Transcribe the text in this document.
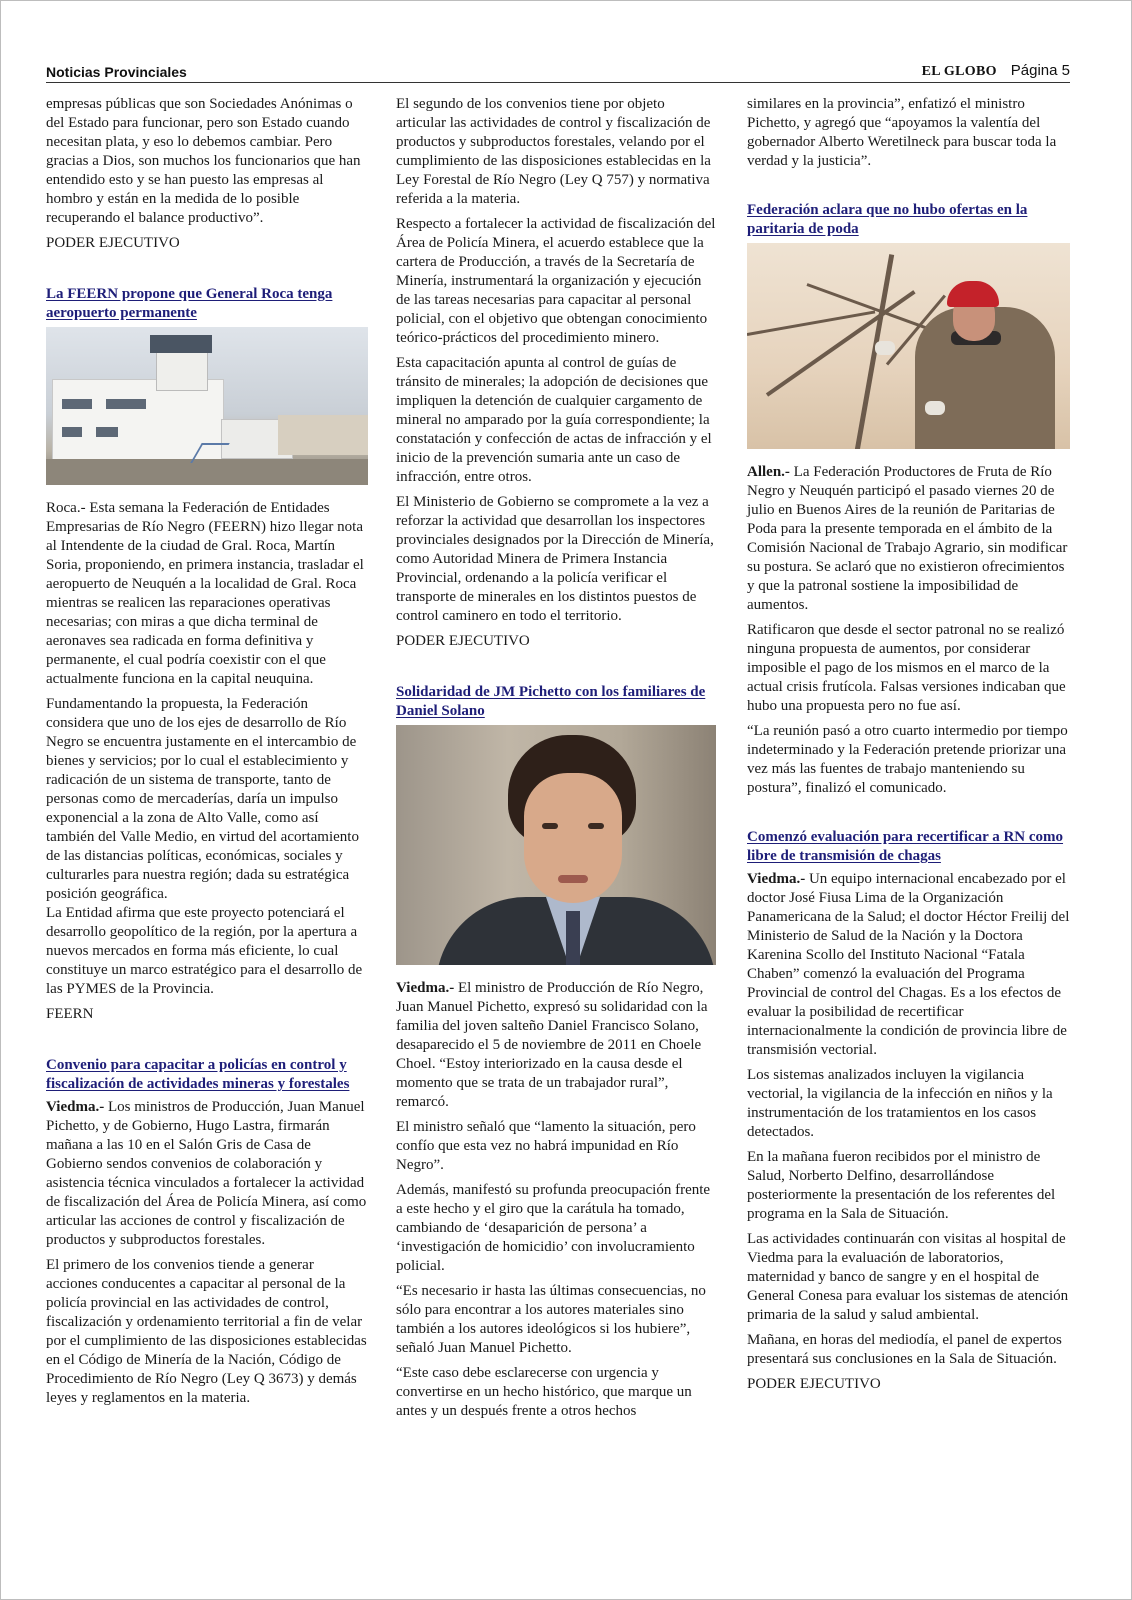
Noticias Provinciales	EL GLOBO Página 5

empresas públicas que son Sociedades Anónimas o del Estado para funcionar, pero son Estado cuando necesitan plata, y eso lo debemos cambiar. Pero gracias a Dios, son muchos los funcionarios que han entendido esto y se han puesto las empresas al hombro y están en la medida de lo posible recuperando el balance productivo”.

PODER EJECUTIVO
La FEERN propone que General Roca tenga aeropuerto permanente

Roca.- Esta semana la Federación de Entidades Empresarias de Río Negro (FEERN) hizo llegar nota al Intendente de la ciudad de Gral. Roca, Martín Soria, proponiendo, en primera instancia, trasladar el aeropuerto de Neuquén a la localidad de Gral. Roca mientras se realicen las reparaciones operativas necesarias; con miras a que dicha terminal de aeronaves sea radicada en forma definitiva y permanente, el cual podría coexistir con el que actualmente funciona en la capital neuquina.

Fundamentando la propuesta, la Federación considera que uno de los ejes de desarrollo de Río Negro se encuentra justamente en el intercambio de bienes y servicios; por lo cual el establecimiento y radicación de un sistema de transporte, tanto de personas como de mercaderías, daría un impulso exponencial a la zona de Alto Valle, como así también del Valle Medio, en virtud del acortamiento de las distancias políticas, económicas, sociales y culturarles para nuestra región; dada su estratégica posición geográfica.

La Entidad afirma que este proyecto potenciará el desarrollo geopolítico de la región, por la apertura a nuevos mercados en forma más eficiente, lo cual constituye un marco estratégico para el desarrollo de las PYMES de la Provincia.

FEERN
Convenio para capacitar a policías en control y fiscalización de actividades mineras y forestales

Viedma.- Los ministros de Producción, Juan Manuel Pichetto, y de Gobierno, Hugo Lastra, firmarán mañana a las 10 en el Salón Gris de Casa de Gobierno sendos convenios de colaboración y asistencia técnica vinculados a fortalecer la actividad de fiscalización del Área de Policía Minera, así como articular las acciones de control y fiscalización de productos y subproductos forestales.

El primero de los convenios tiende a generar acciones conducentes a capacitar al personal de la policía provincial en las actividades de control, fiscalización y ordenamiento territorial a fin de velar por el cumplimiento de las disposiciones establecidas en el Código de Minería de la Nación, Código de Procedimiento de Río Negro (Ley Q 3673) y demás leyes y reglamentos en la materia.

El segundo de los convenios tiene por objeto articular las actividades de control y fiscalización de productos y subproductos forestales, velando por el cumplimiento de las disposiciones establecidas en la Ley Forestal de Río Negro (Ley Q 757) y normativa referida a la materia.

Respecto a fortalecer la actividad de fiscalización del Área de Policía Minera, el acuerdo establece que la cartera de Producción, a través de la Secretaría de Minería, instrumentará la organización y ejecución de las tareas necesarias para capacitar al personal policial, con el objetivo que obtengan conocimiento teórico-prácticos del procedimiento minero.

Esta capacitación apunta al control de guías de tránsito de minerales; la adopción de decisiones que impliquen la detención de cualquier cargamento de mineral no amparado por la guía correspondiente; la constatación y confección de actas de infracción y el inicio de la prevención sumaria ante un caso de infracción, entre otros.

El Ministerio de Gobierno se compromete a la vez a reforzar la actividad que desarrollan los inspectores provinciales designados por la Dirección de Minería, como Autoridad Minera de Primera Instancia Provincial, ordenando a la policía verificar el transporte de minerales en los distintos puestos de control caminero en todo el territorio.

PODER EJECUTIVO
Solidaridad de JM Pichetto con los familiares de Daniel Solano

Viedma.- El ministro de Producción de Río Negro, Juan Manuel Pichetto, expresó su solidaridad con la familia del joven salteño Daniel Francisco Solano, desaparecido el 5 de noviembre de 2011 en Choele Choel. “Estoy interiorizado en la causa desde el momento que se trata de un trabajador rural”, remarcó.

El ministro señaló que “lamento la situación, pero confío que esta vez no habrá impunidad en Río Negro”.

Además, manifestó su profunda preocupación frente a este hecho y el giro que la carátula ha tomado, cambiando de ‘desaparición de persona’ a ‘investigación de homicidio’ con involucramiento policial.

“Es necesario ir hasta las últimas consecuencias, no sólo para encontrar a los autores materiales sino también a los autores ideológicos si los hubiere”, señaló Juan Manuel Pichetto.

“Este caso debe esclarecerse con urgencia y convertirse en un hecho histórico, que marque un antes y un después frente a otros hechos

similares en la provincia”, enfatizó el ministro Pichetto, y agregó que “apoyamos la valentía del gobernador Alberto Weretilneck para buscar toda la verdad y la justicia”.

Federación aclara que no hubo ofertas en la paritaria de poda

Allen.- La Federación Productores de Fruta de Río Negro y Neuquén participó el pasado viernes 20 de julio en Buenos Aires de la reunión de Paritarias de Poda para la presente temporada en el ámbito de la Comisión Nacional de Trabajo Agrario, sin modificar su postura. Se aclaró que no existieron ofrecimientos y que la patronal sostiene la imposibilidad de aumentos.

Ratificaron que desde el sector patronal no se realizó ninguna propuesta de aumentos, por considerar imposible el pago de los mismos en el marco de la actual crisis frutícola. Falsas versiones indicaban que hubo una propuesta pero no fue así.

“La reunión pasó a otro cuarto intermedio por tiempo indeterminado y la Federación pretende priorizar una vez más las fuentes de trabajo manteniendo su postura”, finalizó el comunicado.

Comenzó evaluación para recertificar a RN como libre de transmisión de chagas

Viedma.- Un equipo internacional encabezado por el doctor José Fiusa Lima de la Organización Panamericana de la Salud; el doctor Héctor Freilij del Ministerio de Salud de la Nación y la Doctora Karenina Scollo del Instituto Nacional “Fatala Chaben” comenzó la evaluación del Programa Provincial de control del Chagas. Es a los efectos de evaluar la posibilidad de recertificar internacionalmente la condición de provincia libre de transmisión vectorial.

Los sistemas analizados incluyen la vigilancia vectorial, la vigilancia de la infección en niños y la instrumentación de los tratamientos en los casos detectados.

En la mañana fueron recibidos por el ministro de Salud, Norberto Delfino, desarrollándose posteriormente la presentación de los referentes del programa en la Sala de Situación.

Las actividades continuarán con visitas al hospital de Viedma para la evaluación de laboratorios, maternidad y banco de sangre y en el hospital de General Conesa para evaluar los sistemas de atención primaria de la salud y salud ambiental.

Mañana, en horas del mediodía, el panel de expertos presentará sus conclusiones en la Sala de Situación.

PODER EJECUTIVO
